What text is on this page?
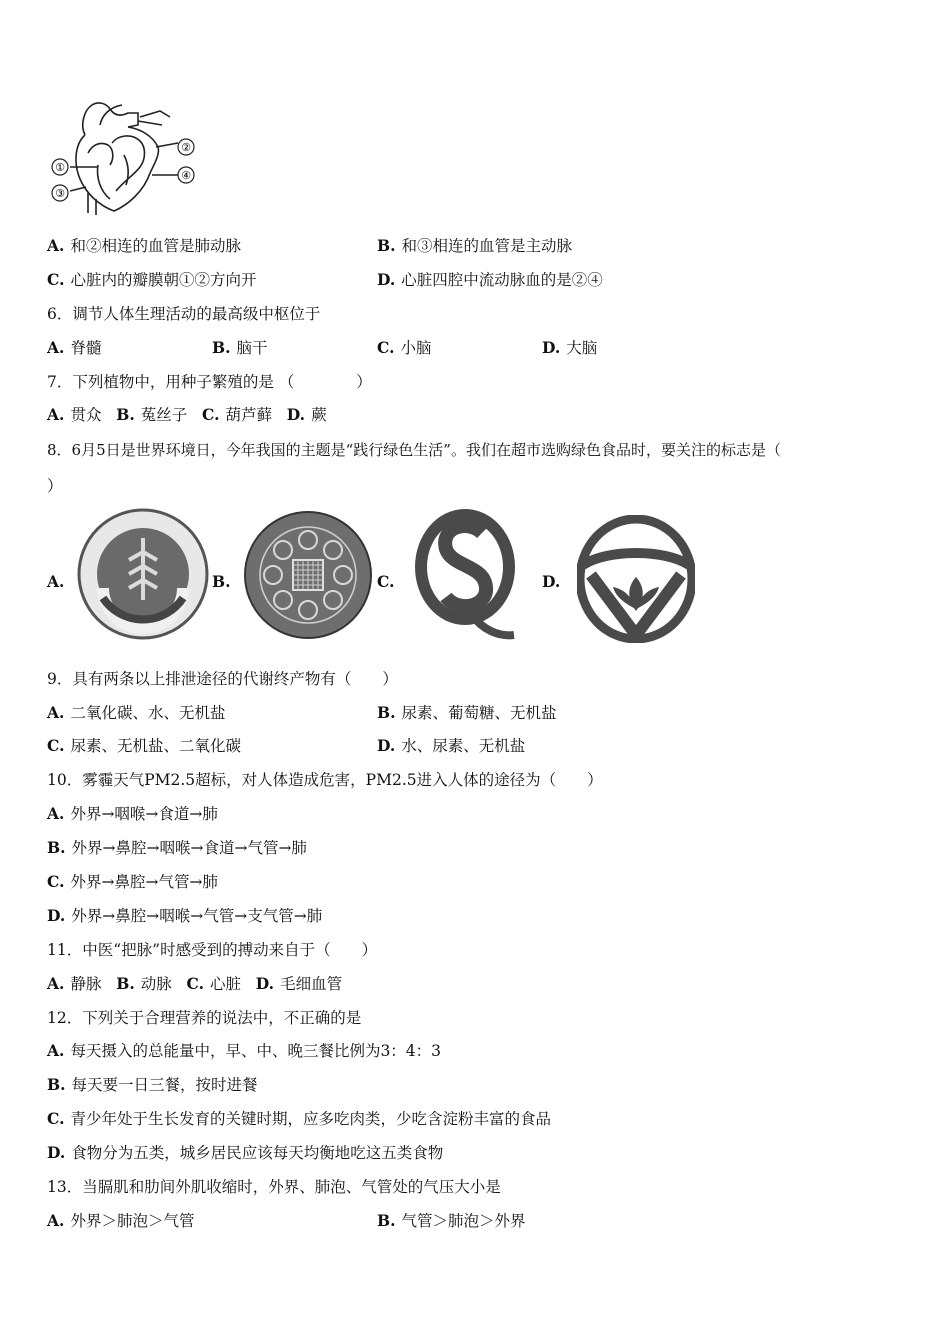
①
②
③
④
A. 和②相连的血管是肺动脉	B. 和③相连的血管是主动脉
C. 心脏内的瓣膜朝①②方向开	D. 心脏四腔中流动脉血的是②④
6．调节人体生理活动的最高级中枢位于
A. 脊髓	B. 脑干	C. 小脑	D. 大脑
7．下列植物中，用种子繁殖的是 （　　　　）
A. 贯众 B. 菟丝子 C. 葫芦藓 D. 蕨
8．6月5日是世界环境日，今年我国的主题是“践行绿色生活”。我们在超市选购绿色食品时，要关注的标志是（
）
A.	B.	C.	D.
9．具有两条以上排泄途径的代谢终产物有（　　）
A. 二氧化碳、水、无机盐	B. 尿素、葡萄糖、无机盐
C. 尿素、无机盐、二氧化碳	D. 水、尿素、无机盐
10．雾霾天气PM2.5超标，对人体造成危害，PM2.5进入人体的途径为（　　）
A. 外界→咽喉→食道→肺
B. 外界→鼻腔→咽喉→食道→气管→肺
C. 外界→鼻腔→气管→肺
D. 外界→鼻腔→咽喉→气管→支气管→肺
11．中医“把脉”时感受到的搏动来自于（　　）
A. 静脉 B. 动脉 C. 心脏 D. 毛细血管
12．下列关于合理营养的说法中，不正确的是
A. 每天摄入的总能量中，早、中、晚三餐比例为3：4：3
B. 每天要一日三餐，按时进餐
C. 青少年处于生长发育的关键时期，应多吃肉类，少吃含淀粉丰富的食品
D. 食物分为五类，城乡居民应该每天均衡地吃这五类食物
13．当膈肌和肋间外肌收缩时，外界、肺泡、气管处的气压大小是
A. 外界＞肺泡＞气管	B. 气管＞肺泡＞外界
